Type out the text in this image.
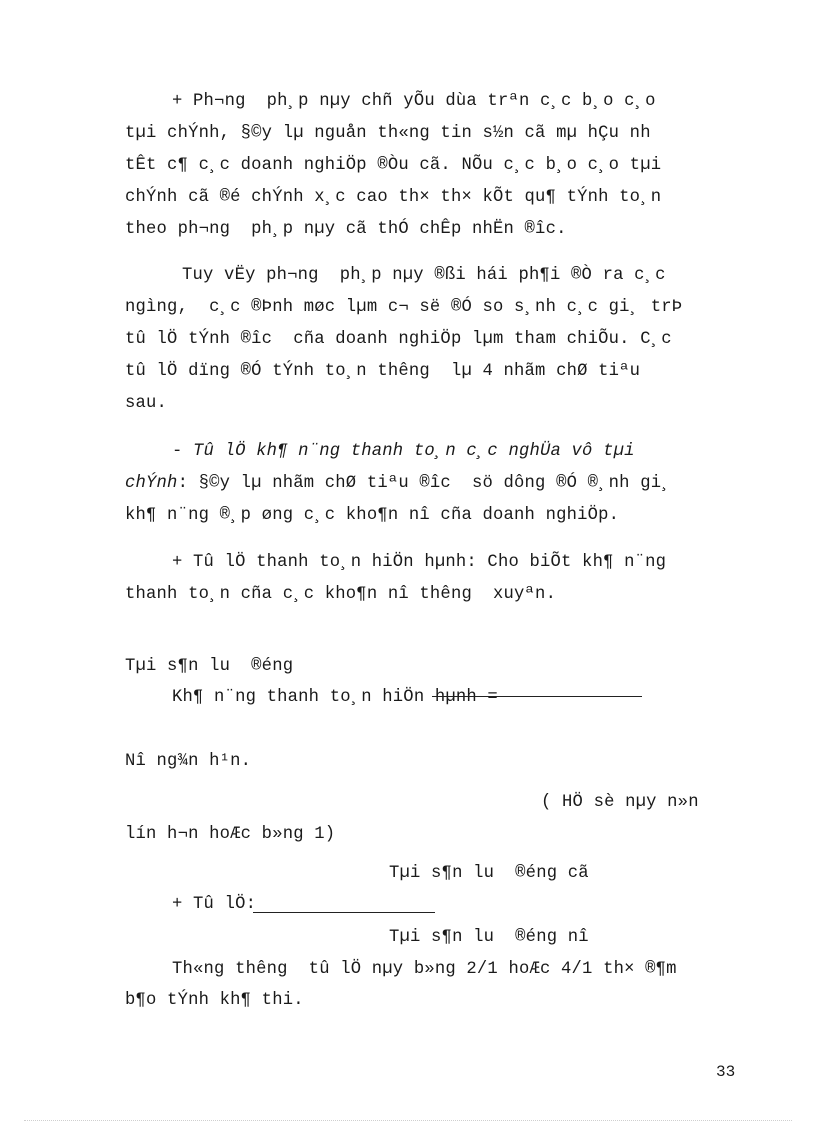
+ Ph¬ng  ph¸p nµy chñ yÕu dùa trªn c¸c b¸o c¸o
tµi chÝnh, §©y lµ nguån th«ng tin s½n cã mµ hÇu nh
tÊt c¶ c¸c doanh nghiÖp ®Òu cã. NÕu c¸c b¸o c¸o tµi
chÝnh cã ®é chÝnh x¸c cao th× th× kÕt qu¶ tÝnh to¸n
theo ph¬ng  ph¸p nµy cã thÓ chÊp nhËn ®îc.
Tuy vËy ph¬ng  ph¸p nµy ®ßi hái ph¶i ®Ò ra c¸c
ngìng,  c¸c ®Þnh møc lµm c¬ së ®Ó so s¸nh c¸c gi¸ trÞ
tû lÖ tÝnh ®îc  cña doanh nghiÖp lµm tham chiÕu. C¸c
tû lÖ dïng ®Ó tÝnh to¸n thêng  lµ 4 nhãm chØ tiªu
sau.
- Tû lÖ kh¶ n¨ng thanh to¸n c¸c nghÜa vô tµi
chÝnh: §©y lµ nhãm chØ tiªu ®îc  sö dông ®Ó ®¸nh gi¸
kh¶ n¨ng ®¸p øng c¸c kho¶n nî cña doanh nghiÖp.
+ Tû lÖ thanh to¸n hiÖn hµnh: Cho biÕt kh¶ n¨ng
thanh to¸n cña c¸c kho¶n nî thêng  xuyªn.
Tµi s¶n lu  ®éng
Kh¶ n¨ng thanh to¸n hiÖn hµnh =
Nî ng¾n h¹n.
( HÖ sè nµy n»n
lín h¬n hoÆc b»ng 1)
Tµi s¶n lu  ®éng cã
+ Tû lÖ:
Tµi s¶n lu  ®éng nî
Th«ng thêng  tû lÖ nµy b»ng 2/1 hoÆc 4/1 th× ®¶m
b¶o tÝnh kh¶ thi.
33
